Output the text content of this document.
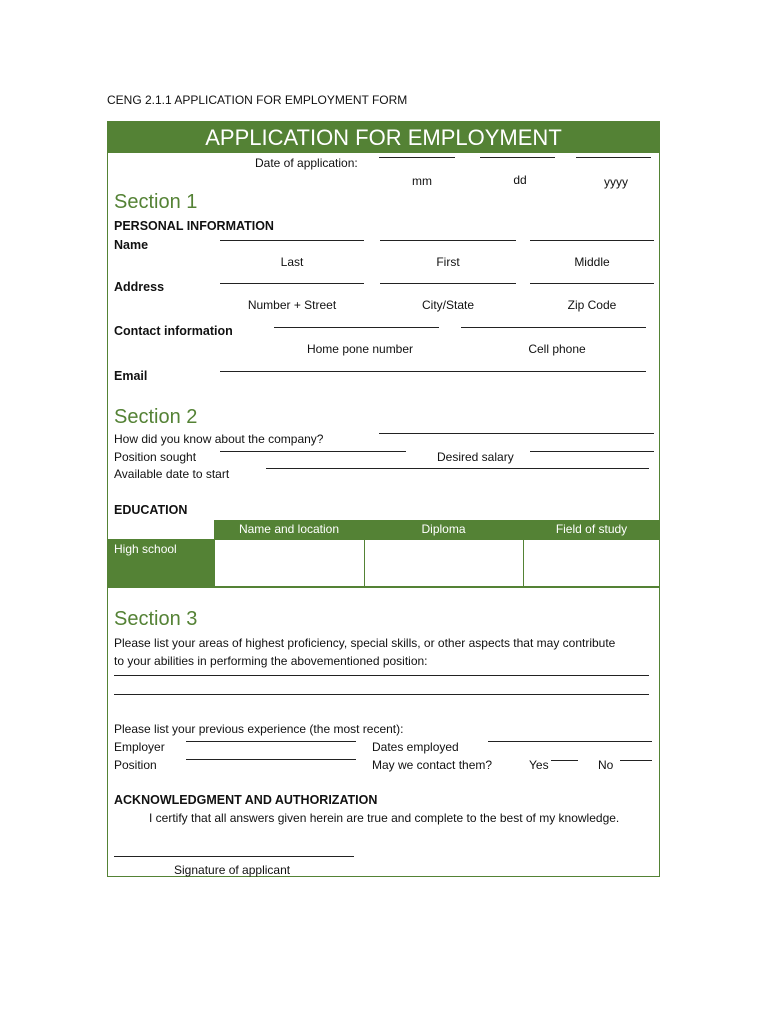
CENG 2.1.1 APPLICATION FOR EMPLOYMENT FORM
APPLICATION FOR EMPLOYMENT
Date of application:
mm	dd	yyyy
Section 1
PERSONAL INFORMATION
Name
Last	First	Middle
Address
Number + Street	City/State	Zip Code
Contact information
Home pone number	Cell phone
Email
Section 2
How did you know about the company?
Position sought	Desired salary
Available date to start
EDUCATION
Name and location	Diploma	Field of study
High school
Section 3
Please list your areas of highest proficiency, special skills, or other aspects that may contribute
to your abilities in performing the abovementioned position:
Please list your previous experience (the most recent):
Employer	Dates employed
Position	May we contact them?	Yes	No
ACKNOWLEDGMENT AND AUTHORIZATION
I certify that all answers given herein are true and complete to the best of my knowledge.
Signature of applicant
